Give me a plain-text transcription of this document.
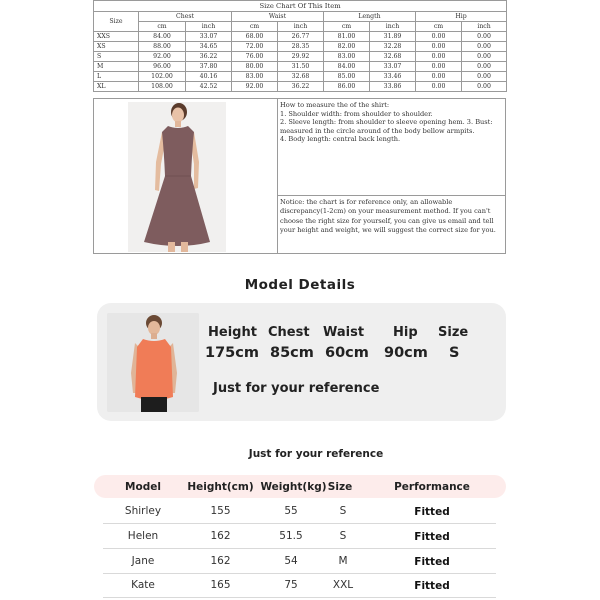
Size Chart Of This Item								
Size	Chest		Waist		Length		Hip	
	cm	inch	cm	inch	cm	inch	cm	inch
XXS	84.00	33.07	68.00	26.77	81.00	31.89	0.00	0.00
XS	88.00	34.65	72.00	28.35	82.00	32.28	0.00	0.00
S	92.00	36.22	76.00	29.92	83.00	32.68	0.00	0.00
M	96.00	37.80	80.00	31.50	84.00	33.07	0.00	0.00
L	102.00	40.16	83.00	32.68	85.00	33.46	0.00	0.00
XL	108.00	42.52	92.00	36.22	86.00	33.86	0.00	0.00
How to measure the of the shirt:
1. Shoulder width: from shoulder to shoulder.
2. Sleeve length: from shoulder to sleeve opening hem. 3. Bust: measured in the circle around of the body bellow armpits.
4. Body length: central back length.
Notice: the chart is for reference only, an allowable discrepancy(1-2cm) on your measurement method. If you can't choose the right size for yourself, you can give us email and tell your height and weight, we will suggest the correct size for you.
Model Details
Height Chest Waist Hip Size
175cm 85cm 60cm 90cm S
Just for your reference
Just for your reference
Model	Height(cm) Weight(kg) Size	Performance
Shirley	155	55	S	Fitted
Helen	162	51.5	S	Fitted
Jane	162	54	M	Fitted
Kate	165	75	XXL	Fitted
